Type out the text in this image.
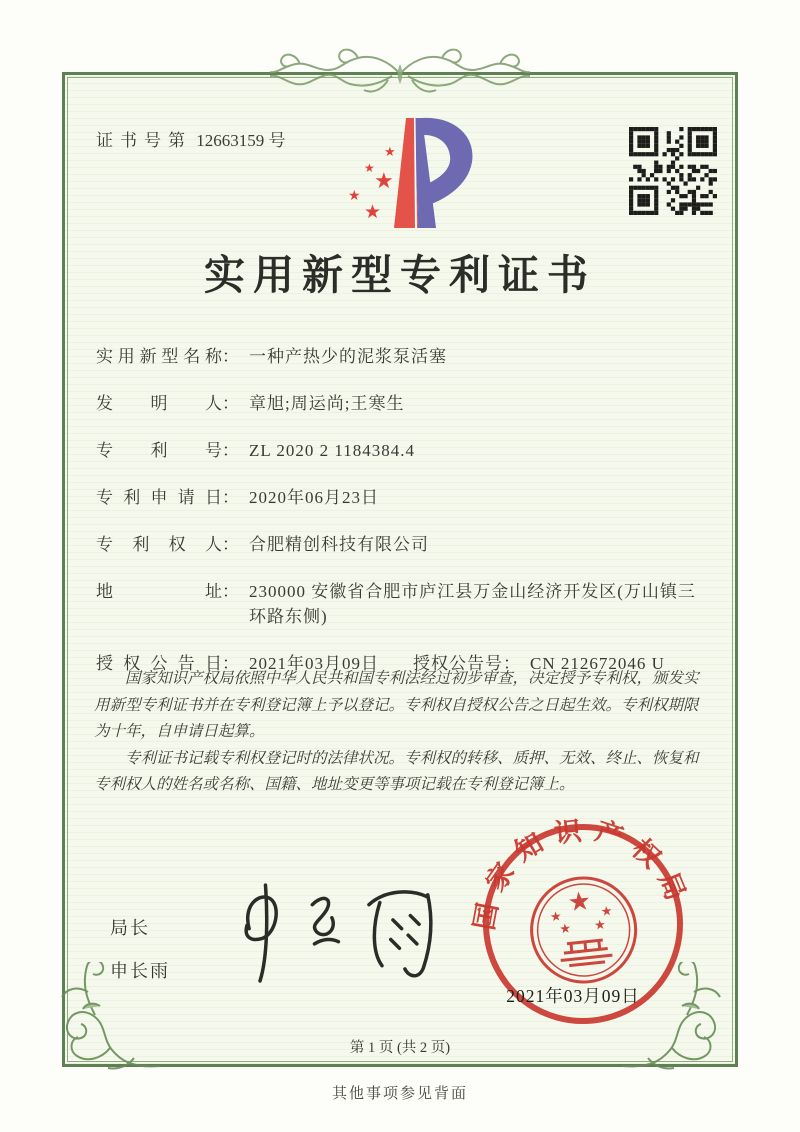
证书号第 12663159 号
★
★
★
★
★
实用新型专利证书
实用新型名称： 一种产热少的泥浆泵活塞
发明人： 章旭;周运尚;王寒生
专利号： ZL 2020 2 1184384.4
专利申请日： 2020年06月23日
专利权人： 合肥精创科技有限公司
地址： 230000 安徽省合肥市庐江县万金山经济开发区(万山镇三环路东侧)
授权公告日： 2021年03月09日 授权公告号： CN 212672046 U

国家知识产权局依照中华人民共和国专利法经过初步审查，决定授予专利权，颁发实用新型专利证书并在专利登记簿上予以登记。专利权自授权公告之日起生效。专利权期限为十年，自申请日起算。

专利证书记载专利权登记时的法律状况。专利权的转移、质押、无效、终止、恢复和专利权人的姓名或名称、国籍、地址变更等事项记载在专利登记簿上。

局长
申长雨
国家知识产权局
★
★	★
★ ★
2021年03月09日
第 1 页 (共 2 页)
其他事项参见背面
